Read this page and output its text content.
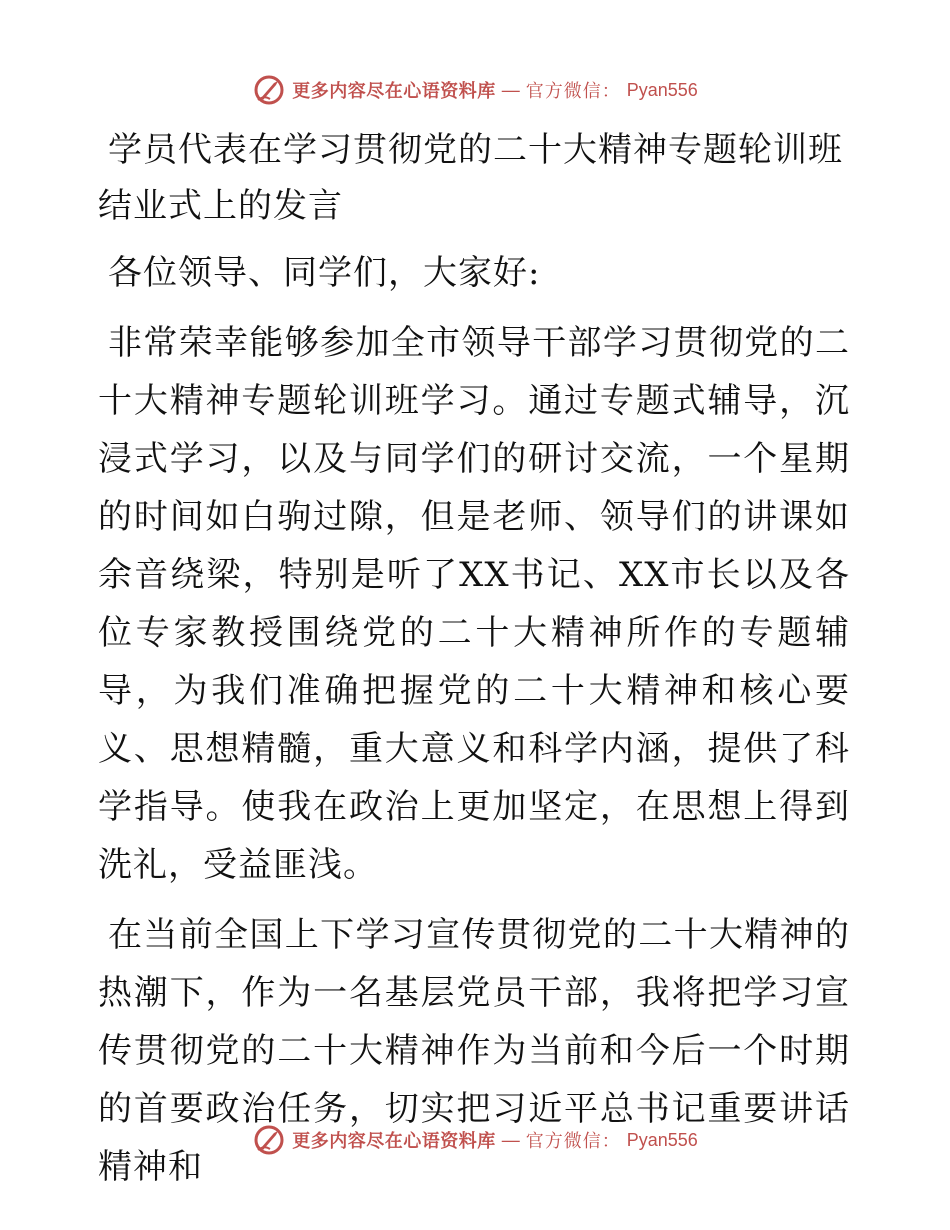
更多内容尽在心语资料库 — 官方微信： Pyan556

学员代表在学习贯彻党的二十大精神专题轮训班结业式上的发言

各位领导、同学们，大家好:

非常荣幸能够参加全市领导干部学习贯彻党的二十大精神专题轮训班学习。通过专题式辅导，沉浸式学习，以及与同学们的研讨交流，一个星期的时间如白驹过隙，但是老师、领导们的讲课如余音绕梁，特别是听了XX书记、XX市长以及各位专家教授围绕党的二十大精神所作的专题辅导，为我们准确把握党的二十大精神和核心要义、思想精髓，重大意义和科学内涵，提供了科学指导。使我在政治上更加坚定，在思想上得到洗礼，受益匪浅。

在当前全国上下学习宣传贯彻党的二十大精神的热潮下，作为一名基层党员干部，我将把学习宣传贯彻党的二十大精神作为当前和今后一个时期的首要政治任务，切实把习近平总书记重要讲话精神和

更多内容尽在心语资料库 — 官方微信： Pyan556
